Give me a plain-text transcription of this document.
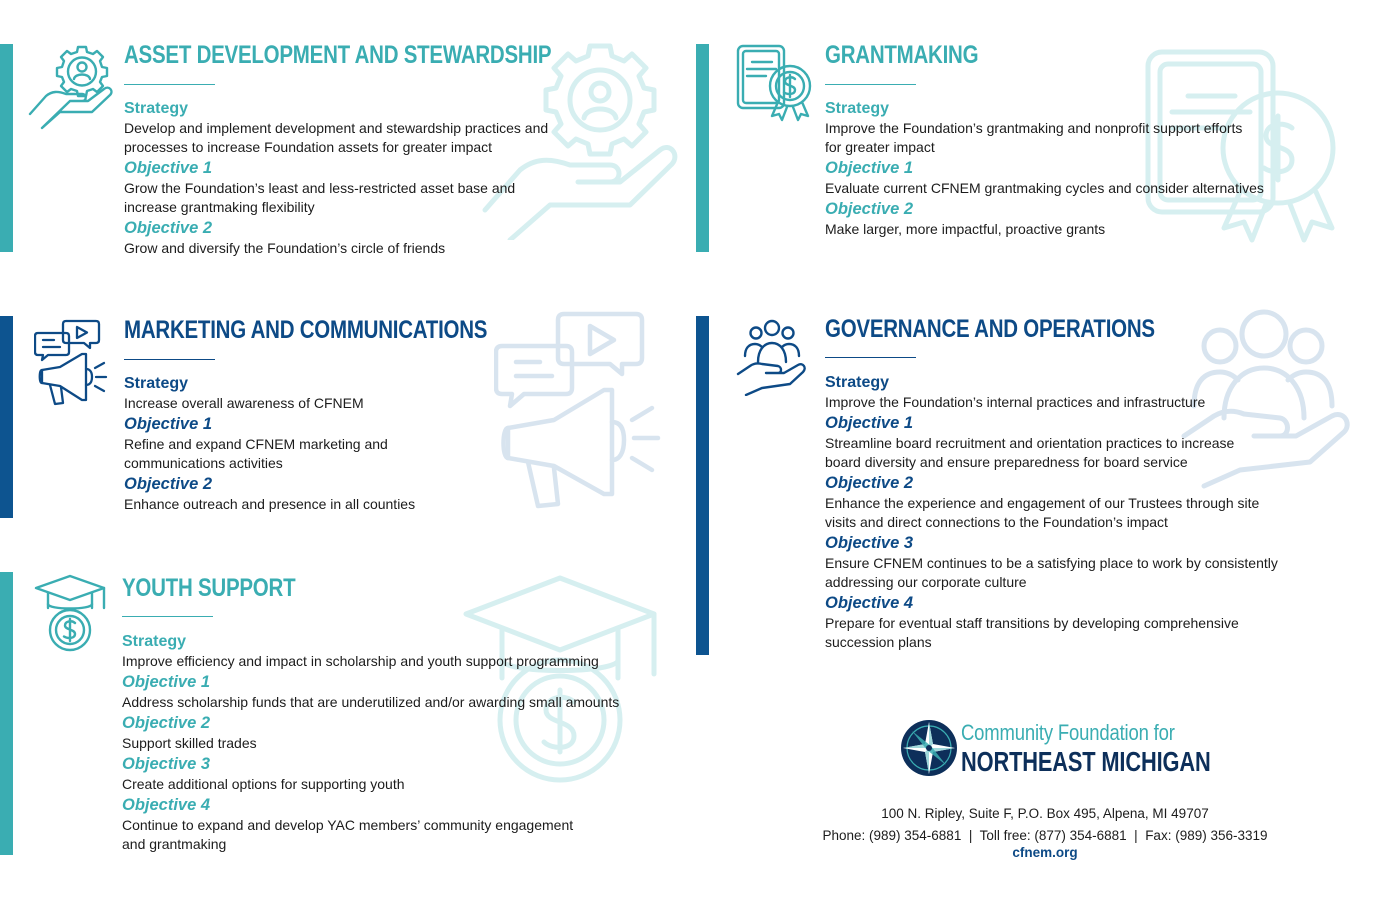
ASSET DEVELOPMENT AND STEWARDSHIP
Strategy
Develop and implement development and stewardship practices and processes to increase Foundation assets for greater impact
Objective 1
Grow the Foundation’s least and less-restricted asset base and increase grantmaking flexibility
Objective 2
Grow and diversify the Foundation’s circle of friends
GRANTMAKING
Strategy
Improve the Foundation’s grantmaking and nonprofit support efforts for greater impact
Objective 1
Evaluate current CFNEM grantmaking cycles and consider alternatives
Objective 2
Make larger, more impactful, proactive grants
MARKETING AND COMMUNICATIONS
Strategy
Increase overall awareness of CFNEM
Objective 1
Refine and expand CFNEM marketing and communications activities
Objective 2
Enhance outreach and presence in all counties
GOVERNANCE AND OPERATIONS
Strategy
Improve the Foundation’s internal practices and infrastructure
Objective 1
Streamline board recruitment and orientation practices to increase board diversity and ensure preparedness for board service
Objective 2
Enhance the experience and engagement of our Trustees through site visits and direct connections to the Foundation’s impact
Objective 3
Ensure CFNEM continues to be a satisfying place to work by consistently addressing our corporate culture
Objective 4
Prepare for eventual staff transitions by developing comprehensive succession plans
YOUTH SUPPORT
Strategy
Improve efficiency and impact in scholarship and youth support programming
Objective 1
Address scholarship funds that are underutilized and/or awarding small amounts
Objective 2
Support skilled trades
Objective 3
Create additional options for supporting youth
Objective 4
Continue to expand and develop YAC members’ community engagement and grantmaking

Community Foundation for

NORTHEAST MICHIGAN

100 N. Ripley, Suite F, P.O. Box 495, Alpena, MI 49707
Phone: (989) 354-6881  |  Toll free: (877) 354-6881  |  Fax: (989) 356-3319
cfnem.org
